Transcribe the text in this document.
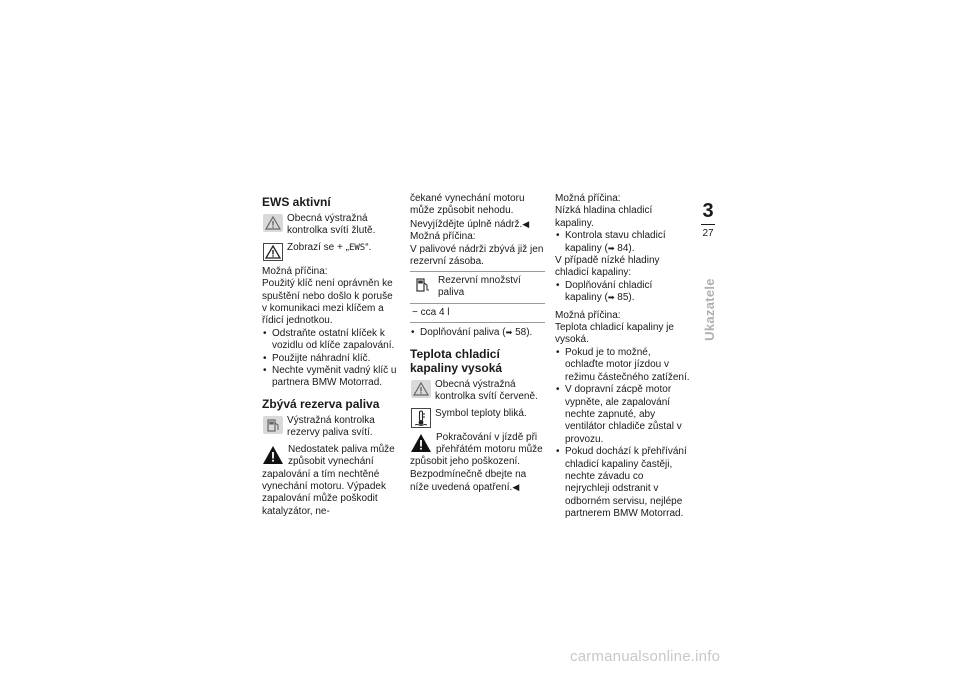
EWS aktivní

Obecná výstražná kontrolka svítí žlutě.

Zobrazí se + „EWS“.

Možná příčina:

Použitý klíč není oprávněn ke spuštění nebo došlo k poruše v komunikaci mezi klíčem a řídicí jednotkou.

• Odstraňte ostatní klíček k vozidlu od klíče zapalování.
• Použijte náhradní klíč.
• Nechte vyměnit vadný klíč u partnera BMW Motorrad.
Zbývá rezerva paliva

Výstražná kontrolka rezervy paliva svítí.

Nedostatek paliva může způsobit vynechání zapalování a tím nechtěné vynechání motoru. Výpadek zapalování může poškodit katalyzátor, ne-

čekané vynechání motoru může způsobit nehodu.

Nevyjížděјte úplně nádrž.◀

Možná příčina:

V palivové nádrži zbývá již jen rezervní zásoba.

Rezervní množství paliva

− cca 4 l
• Doplňování paliva (➡ 58).
Teplota chladicí kapaliny vysoká

Obecná výstražná kontrolka svítí červeně.

Symbol teploty bliká.

Pokračování v jízdě při přehřátém motoru může způsobit jeho poškození.

Bezpodmínečně dbejte na níže uvedená opatření.◀

Možná příčina:

Nízká hladina chladicí kapaliny.

• Kontrola stavu chladicí kapaliny (➡ 84).

V případě nízké hladiny chladicí kapaliny:

• Doplňování chladicí kapaliny (➡ 85).

Možná příčina:

Teplota chladicí kapaliny je vysoká.

• Pokud je to možné, ochlaďte motor jízdou v režimu částečného zatížení.
• V dopravní zácpě motor vypněte, ale zapalování nechte zapnuté, aby ventilátor chladiče zůstal v provozu.
• Pokud dochází k přehřívání chladicí kapaliny častěji, nechte závadu co nejrychleji odstranit v odborném servisu, nejlépe partnerem BMW Motorrad.
3
27
Ukazatele
carmanualsonline.info
